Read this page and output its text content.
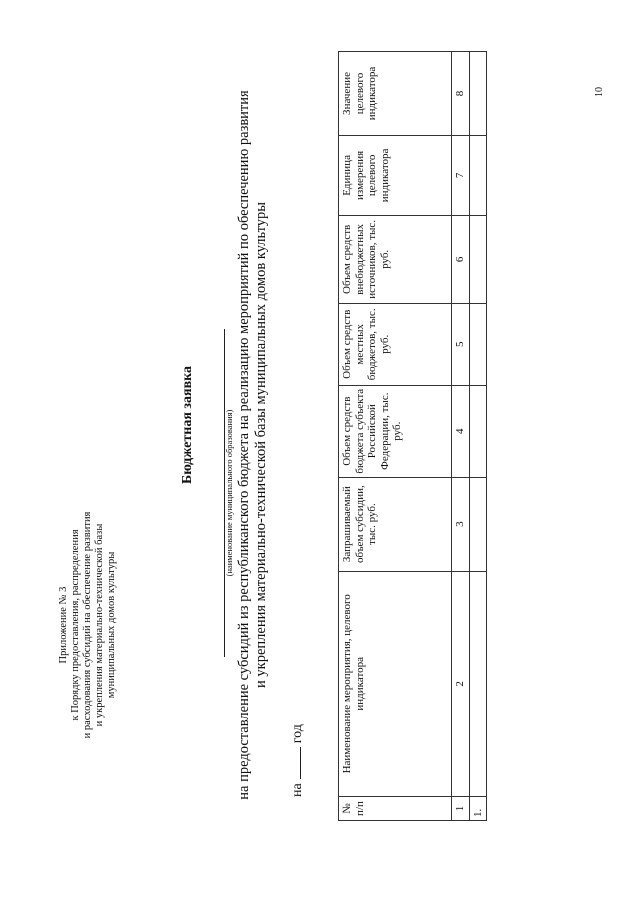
Приложение № 3 к Порядку предоставления, распределения и расходования субсидий на обеспечение развития и укрепления материально-технической базы муниципальных домов культуры
Бюджетная заявка	(наименование муниципального образования) на предоставление субсидий из республиканского бюджета на реализацию мероприятий по обеспечению развития и укрепления материально-технической базы муниципальных домов культуры
нагод
№ п/п	Наименование мероприятия, целевого индикатора	Запрашиваемый объем субсидии, тыс. руб.	Объем средств бюджета субъекта Российской Федерации, тыс. руб.	Объем средств местных бюджетов, тыс. руб.	Объем средств внебюджетных источников, тыс. руб.	Единица измерения целевого индикатора	Значение целевого индикатора
1	2	3	4	5	6	7	8
1.							
10
